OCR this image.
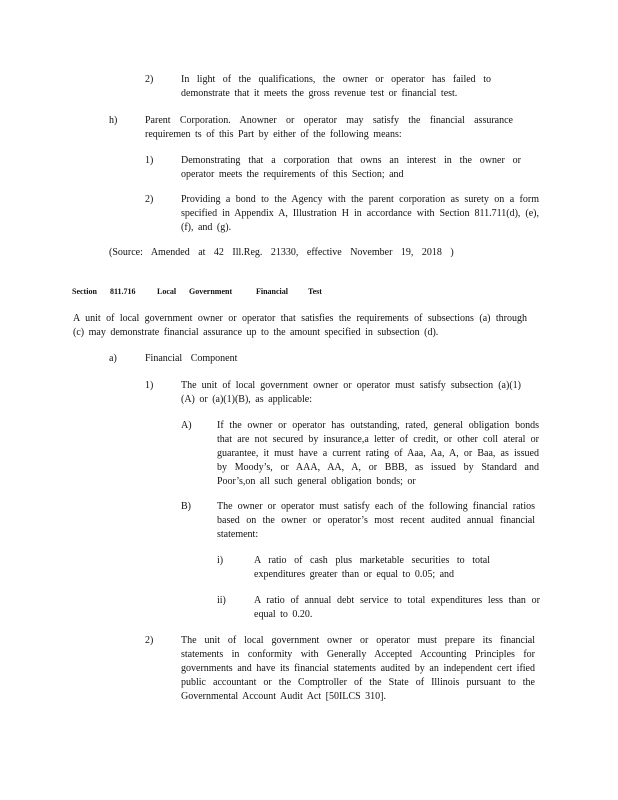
2)	In light of the qualifications, the owner or operator has failed to demonstrate that it meets the gross revenue test or financial test.
h)	Parent Corporation. Anowner or operator may satisfy the financial assurance requiremen ts of this Part by either of the following means:
1)	Demonstrating that a corporation that owns an interest in the owner or operator meets the requirements of this Section; and
2)	Providing a bond to the Agency with the parent corporation as surety on a form specified in Appendix A, Illustration H in accordance with Section 811.711(d), (e), (f), and (g).
(Source: Amended at 42 Ill.Reg. 21330, effective November 19, 2018 )
Section	811.716	Local	Government	Financial	Test
A unit of local government owner or operator that satisfies the requirements of subsections (a) through (c) may demonstrate financial assurance up to the amount specified in subsection (d).
a)	Financial Component
1)	The unit of local government owner or operator must satisfy subsection (a)(1)(A) or (a)(1)(B), as applicable:
A)	If the owner or operator has outstanding, rated, general obligation bonds that are not secured by insurance,a letter of credit, or other coll ateral or guarantee, it must have a current rating of Aaa, Aa, A, or Baa, as issued by Moody’s, or AAA, AA, A, or BBB, as issued by Standard and Poor’s,on all such general obligation bonds; or
B)	The owner or operator must satisfy each of the following financial ratios based on the owner or operator’s most recent audited annual financial statement:
i)	A ratio of cash plus marketable securities to total expenditures greater than or equal to 0.05; and
ii)	A ratio of annual debt service to total expenditures less than or equal to 0.20.
2)	The unit of local government owner or operator must prepare its financial statements in conformity with Generally Accepted Accounting Principles for governments and have its financial statements audited by an independent cert ified public accountant or the Comptroller of the State of Illinois pursuant to the Governmental Account Audit Act [50ILCS 310].
